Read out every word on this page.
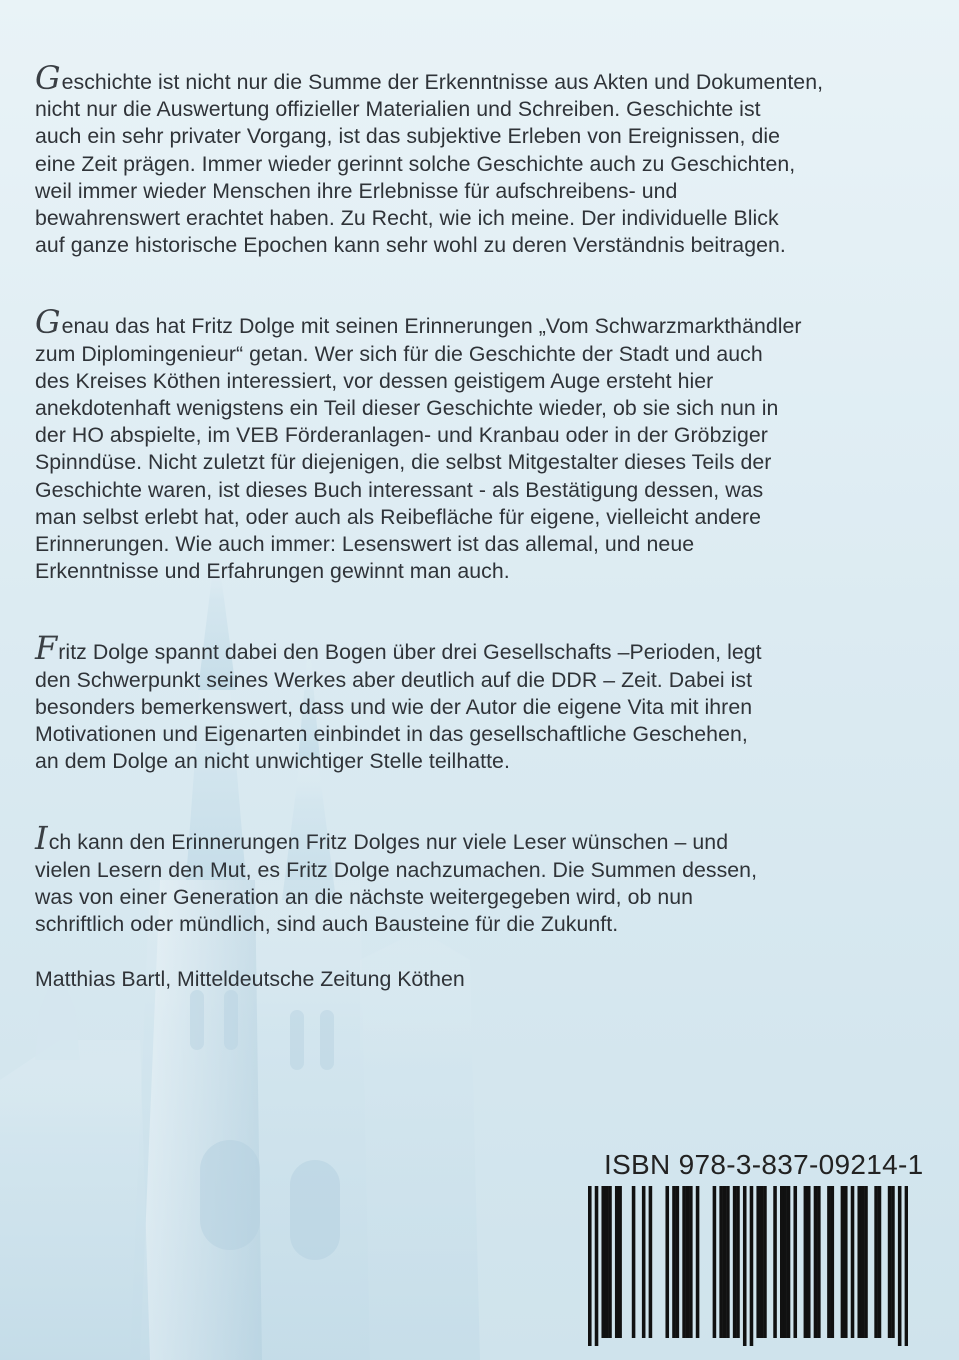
Geschichte ist nicht nur die Summe der Erkenntnisse aus Akten und Dokumenten,
nicht nur die Auswertung offizieller Materialien und Schreiben. Geschichte ist
auch ein sehr privater Vorgang, ist das subjektive Erleben von Ereignissen, die
eine Zeit prägen. Immer wieder gerinnt solche Geschichte auch zu Geschichten,
weil immer wieder Menschen ihre Erlebnisse für aufschreibens- und
bewahrenswert erachtet haben. Zu Recht, wie ich meine. Der individuelle Blick
auf ganze historische Epochen kann sehr wohl zu deren Verständnis beitragen.

Genau das hat Fritz Dolge mit seinen Erinnerungen „Vom Schwarzmarkthändler
zum Diplomingenieur“ getan. Wer sich für die Geschichte der Stadt und auch
des Kreises Köthen interessiert, vor dessen geistigem Auge ersteht hier
anekdotenhaft wenigstens ein Teil dieser Geschichte wieder, ob sie sich nun in
der HO abspielte, im VEB Förderanlagen- und Kranbau oder in der Gröbziger
Spinndüse. Nicht zuletzt für diejenigen, die selbst Mitgestalter dieses Teils der
Geschichte waren, ist dieses Buch interessant - als Bestätigung dessen, was
man selbst erlebt hat, oder auch als Reibefläche für eigene, vielleicht andere
Erinnerungen. Wie auch immer: Lesenswert ist das allemal, und neue
Erkenntnisse und Erfahrungen gewinnt man auch.

Fritz Dolge spannt dabei den Bogen über drei Gesellschafts –Perioden, legt
den Schwerpunkt seines Werkes aber deutlich auf die DDR – Zeit. Dabei ist
besonders bemerkenswert, dass und wie der Autor die eigene Vita mit ihren
Motivationen und Eigenarten einbindet in das gesellschaftliche Geschehen,
an dem Dolge an nicht unwichtiger Stelle teilhatte.

Ich kann den Erinnerungen Fritz Dolges nur viele Leser wünschen – und
vielen Lesern den Mut, es Fritz Dolge nachzumachen. Die Summen dessen,
was von einer Generation an die nächste weitergegeben wird, ob nun
schriftlich oder mündlich, sind auch Bausteine für die Zukunft.

Matthias Bartl, Mitteldeutsche Zeitung Köthen
ISBN 978-3-837-09214-1
